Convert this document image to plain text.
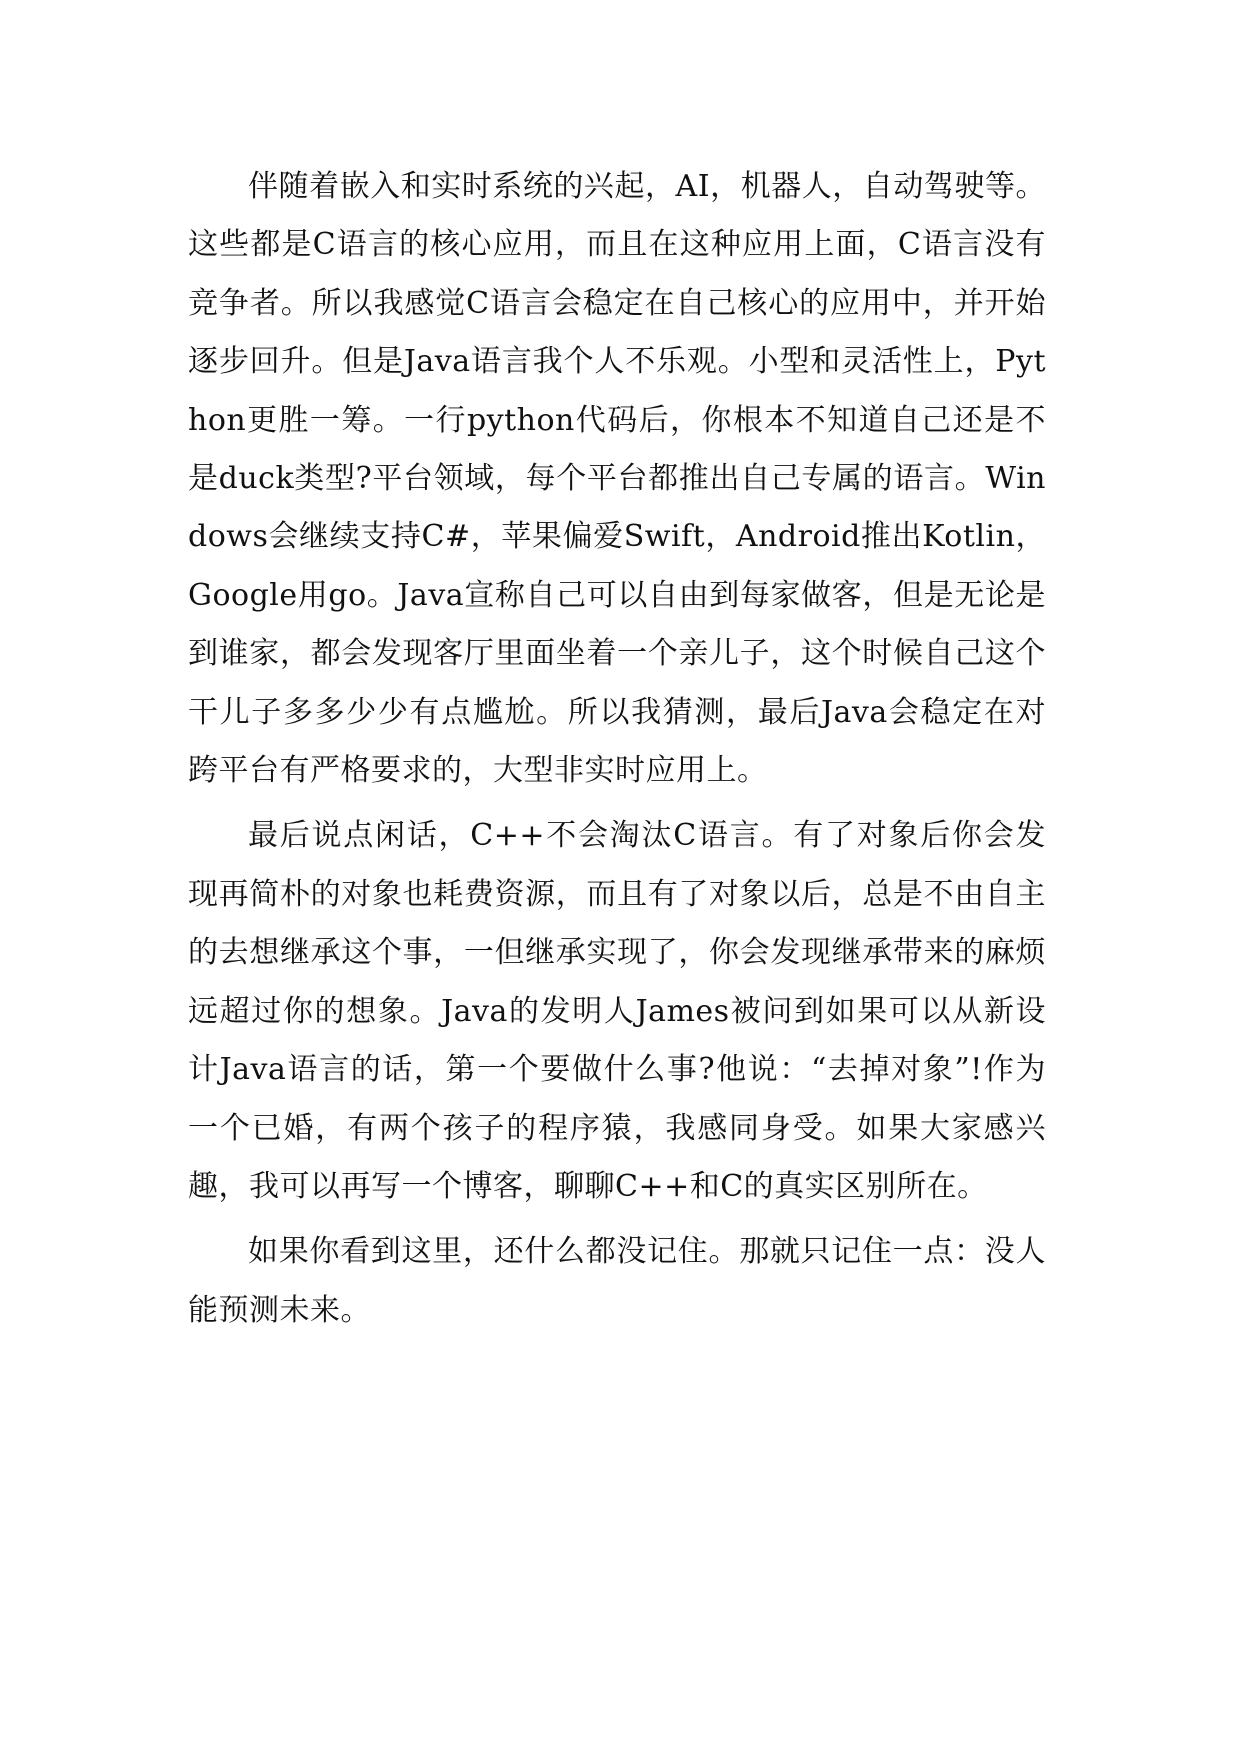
伴随着嵌入和实时系统的兴起，AI，机器人，自动驾驶等。这些都是C语言的核心应用，而且在这种应用上面，C语言没有竞争者。所以我感觉C语言会稳定在自己核心的应用中，并开始逐步回升。但是Java语言我个人不乐观。小型和灵活性上，Python更胜一筹。一行python代码后，你根本不知道自己还是不是duck类型?平台领域，每个平台都推出自己专属的语言。Windows会继续支持C#，苹果偏爱Swift，Android推出Kotlin，Google用go。Java宣称自己可以自由到每家做客，但是无论是到谁家，都会发现客厅里面坐着一个亲儿子，这个时候自己这个干儿子多多少少有点尴尬。所以我猜测，最后Java会稳定在对跨平台有严格要求的，大型非实时应用上。

最后说点闲话，C++不会淘汰C语言。有了对象后你会发现再简朴的对象也耗费资源，而且有了对象以后，总是不由自主的去想继承这个事，一但继承实现了，你会发现继承带来的麻烦远超过你的想象。Java的发明人James被问到如果可以从新设计Java语言的话，第一个要做什么事?他说：“去掉对象”!作为一个已婚，有两个孩子的程序猿，我感同身受。如果大家感兴趣，我可以再写一个博客，聊聊C++和C的真实区别所在。

如果你看到这里，还什么都没记住。那就只记住一点：没人能预测未来。
